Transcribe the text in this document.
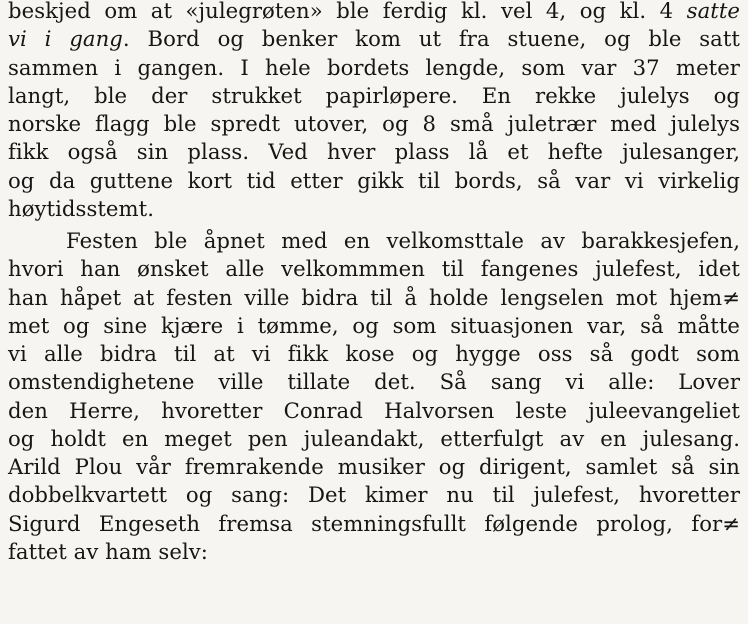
beskjed om at «julegrøten» ble ferdig kl. vel 4, og kl. 4 satte
vi i gang. Bord og benker kom ut fra stuene, og ble satt
sammen i gangen. I hele bordets lengde, som var 37 meter
langt, ble der strukket papirløpere. En rekke julelys og
norske flagg ble spredt utover, og 8 små juletrær med julelys
fikk også sin plass. Ved hver plass lå et hefte julesanger,
og da guttene kort tid etter gikk til bords, så var vi virkelig
høytidsstemt.
Festen ble åpnet med en velkomsttale av barakkesjefen,
hvori han ønsket alle velkommmen til fangenes julefest, idet
han håpet at festen ville bidra til å holde lengselen mot hjem≠
met og sine kjære i tømme, og som situasjonen var, så måtte
vi alle bidra til at vi fikk kose og hygge oss så godt som
omstendighetene ville tillate det. Så sang vi alle: Lover
den Herre, hvoretter Conrad Halvorsen leste juleevangeliet
og holdt en meget pen juleandakt, etterfulgt av en julesang.
Arild Plou vår fremrakende musiker og dirigent, samlet så sin
dobbelkvartett og sang: Det kimer nu til julefest, hvoretter
Sigurd Engeseth fremsa stemningsfullt følgende prolog, for≠
fattet av ham selv:
